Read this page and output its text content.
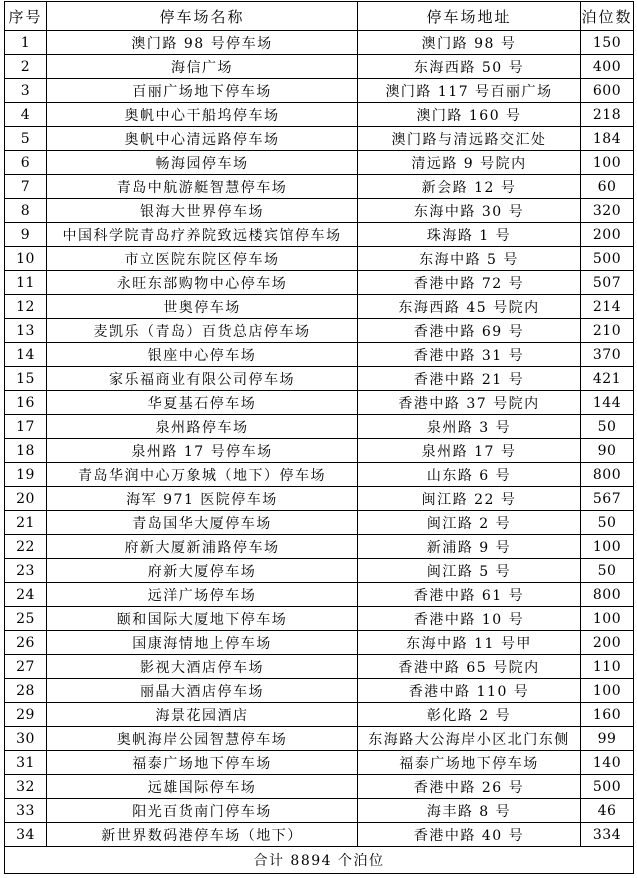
序号	停车场名称	停车场地址	泊位数
1	澳门路 98 号停车场	澳门路 98 号	150
2	海信广场	东海西路 50 号	400
3	百丽广场地下停车场	澳门路 117 号百丽广场	600
4	奥帆中心干船坞停车场	澳门路 160 号	218
5	奥帆中心清远路停车场	澳门路与清远路交汇处	184
6	畅海园停车场	清远路 9 号院内	100
7	青岛中航游艇智慧停车场	新会路 12 号	60
8	银海大世界停车场	东海中路 30 号	320
9	中国科学院青岛疗养院致远楼宾馆停车场	珠海路 1 号	200
10	市立医院东院区停车场	东海中路 5 号	500
11	永旺东部购物中心停车场	香港中路 72 号	507
12	世奥停车场	东海西路 45 号院内	214
13	麦凯乐（青岛）百货总店停车场	香港中路 69 号	210
14	银座中心停车场	香港中路 31 号	370
15	家乐福商业有限公司停车场	香港中路 21 号	421
16	华夏基石停车场	香港中路 37 号院内	144
17	泉州路停车场	泉州路 3 号	50
18	泉州路 17 号停车场	泉州路 17 号	90
19	青岛华润中心万象城（地下）停车场	山东路 6 号	800
20	海军 971 医院停车场	闽江路 22 号	567
21	青岛国华大厦停车场	闽江路 2 号	50
22	府新大厦新浦路停车场	新浦路 9 号	100
23	府新大厦停车场	闽江路 5 号	50
24	远洋广场停车场	香港中路 61 号	800
25	颐和国际大厦地下停车场	香港中路 10 号	100
26	国康海情地上停车场	东海中路 11 号甲	200
27	影视大酒店停车场	香港中路 65 号院内	110
28	丽晶大酒店停车场	香港中路 110 号	100
29	海景花园酒店	彰化路 2 号	160
30	奥帆海岸公园智慧停车场	东海路大公海岸小区北门东侧	99
31	福泰广场地下停车场	福泰广场地下停车场	140
32	远雄国际停车场	香港中路 26 号	500
33	阳光百货南门停车场	海丰路 8 号	46
34	新世界数码港停车场（地下）	香港中路 40 号	334
合计 8894 个泊位			
